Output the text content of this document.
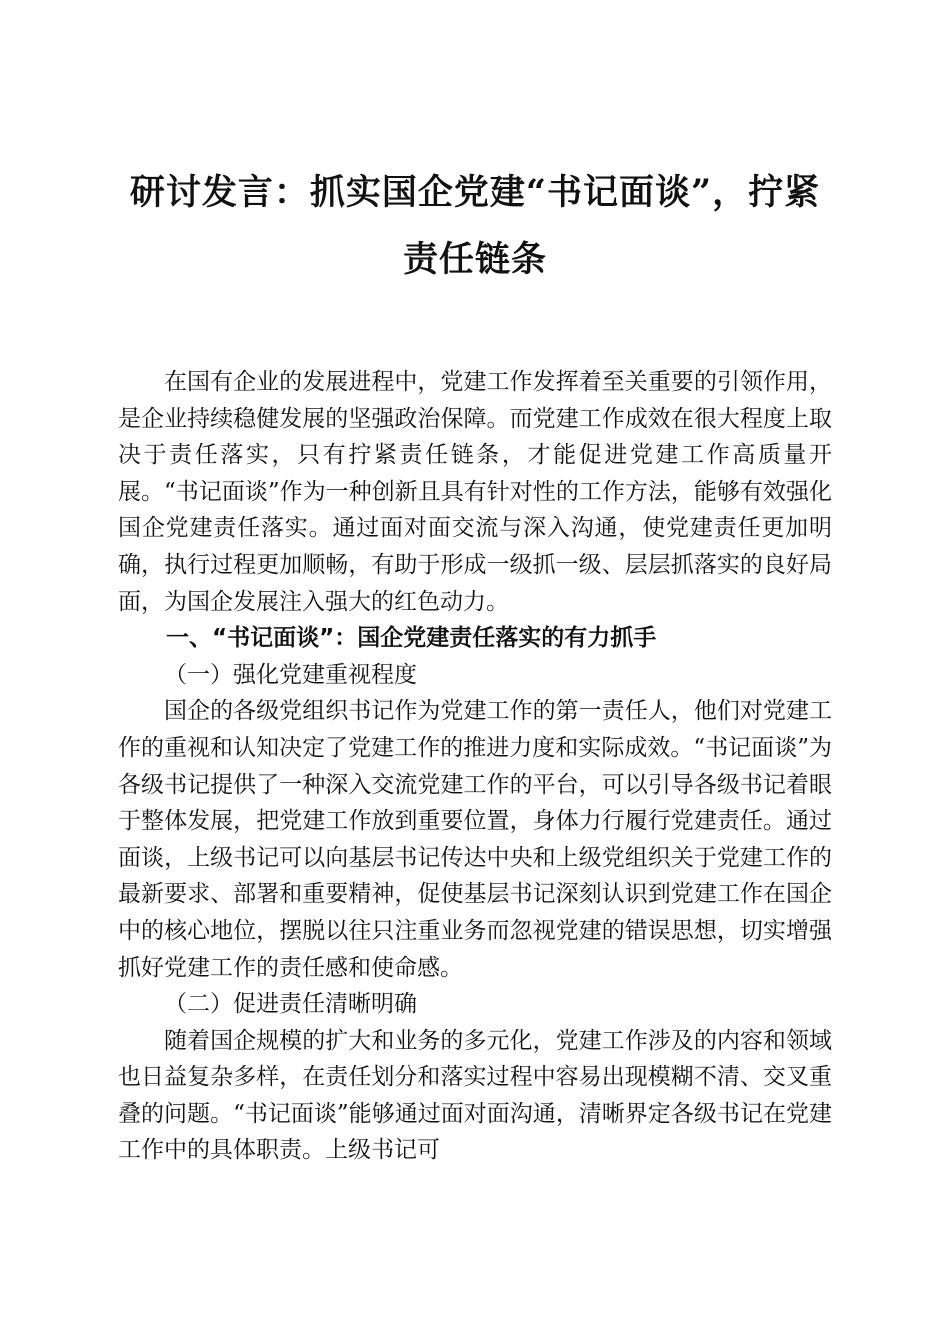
研讨发言：抓实国企党建“书记面谈”，拧紧
责任链条

在国有企业的发展进程中，党建工作发挥着至关重要的引领作用，是企业持续稳健发展的坚强政治保障。而党建工作成效在很大程度上取决于责任落实，只有拧紧责任链条，才能促进党建工作高质量开展。“书记面谈”作为一种创新且具有针对性的工作方法，能够有效强化国企党建责任落实。通过面对面交流与深入沟通，使党建责任更加明确，执行过程更加顺畅，有助于形成一级抓一级、层层抓落实的良好局面，为国企发展注入强大的红色动力。

一、“书记面谈”：国企党建责任落实的有力抓手

（一）强化党建重视程度

国企的各级党组织书记作为党建工作的第一责任人，他们对党建工作的重视和认知决定了党建工作的推进力度和实际成效。“书记面谈”为各级书记提供了一种深入交流党建工作的平台，可以引导各级书记着眼于整体发展，把党建工作放到重要位置，身体力行履行党建责任。通过面谈，上级书记可以向基层书记传达中央和上级党组织关于党建工作的最新要求、部署和重要精神，促使基层书记深刻认识到党建工作在国企中的核心地位，摆脱以往只注重业务而忽视党建的错误思想，切实增强抓好党建工作的责任感和使命感。

（二）促进责任清晰明确

随着国企规模的扩大和业务的多元化，党建工作涉及的内容和领域也日益复杂多样，在责任划分和落实过程中容易出现模糊不清、交叉重叠的问题。“书记面谈”能够通过面对面沟通，清晰界定各级书记在党建工作中的具体职责。上级书记可
